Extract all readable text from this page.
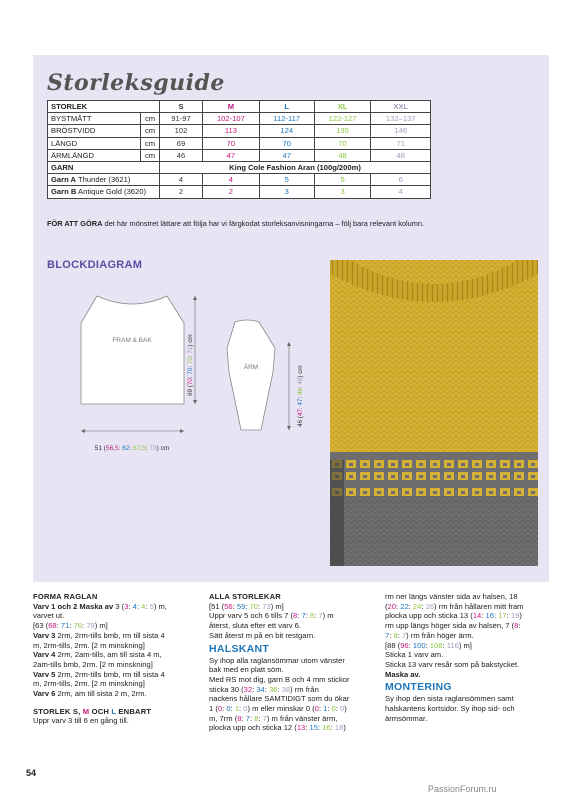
Storleksguide
STORLEK		S	M	L	XL	XXL
BYSTMÅTT	cm	91-97	102-107	112-117	122-127	132–137
BRÖSTVIDD	cm	102	113	124	135	146
LÄNGD	cm	69	70	70	70	71
ÄRMLÄNGD	cm	46	47	47	48	48
GARN		King Cole Fashion Aran (100g/200m)				
Garn A Thunder (3621)		4	4	5	5	6
Garn B Antique Gold (3620)		2	2	3	3	4
FÖR ATT GÖRA det här mönstret lättare att följa har vi färgkodat storleksanvisningarna – följ bara relevant kolumn.
BLOCKDIAGRAM
FRAM & BAK
51 (56,5: 62: 67,5: 73) cm
69 (70: 70: 70: 71) cm
ÄRM
46 (47: 47: 48: 48) cm

FORMA RAGLAN

Varv 1 och 2 Maska av 3 (3: 4: 4: 5) m,

varvet ut.

[63 (68: 71: 76: 79) m]

Varv 3 2rm, 2rm-tills bmb, rm till sista 4

m, 2rm-tills, 2rm. [2 m minskning]

Varv 4 2rm, 2am-tills, am till sista 4 m,

2am-tills bmb, 2rm. [2 m minskning]

Varv 5 2rm, 2rm-tills bmb, rm till sista 4

m, 2rm-tills, 2rm. [2 m minskning]

Varv 6 2rm, am till sista 2 m, 2rm.

STORLEK S, M OCH L ENBART

Uppr varv 3 till 6 en gång till.

ALLA STORLEKAR

[51 (56: 59: 70: 73) m]

Uppr varv 5 och 6 tills 7 (8: 7: 8: 7) m

återst, sluta efter ett varv 6.

Sätt återst m på en bit restgarn.

HALSKANT

Sy ihop alla raglansömmar utom vänster

bak med en platt söm.

Med RS mot dig, garn B och 4 mm stickor

sticka 30 (32: 34: 36: 38) rm från

nackens hållare SAMTIDIGT som du ökar

1 (0: 0: 1: 0) m eller minskar 0 (0: 1: 0: 0)

m, 7rm (8: 7: 8: 7) m från vänster ärm,

plocka upp och sticka 12 (13: 15: 16: 18)

rm ner längs vänster sida av halsen, 18

(20: 22: 24: 26) rm från hållaren mitt fram

plocka upp och sticka 13 (14: 16: 17: 19)

rm upp längs höger sida av halsen, 7 (8:

7: 8: 7) rm från höger ärm.

[88 (96: 100: 108: 116) m]

Sticka 1 varv am.

Sticka 13 varv resår som på bakstycket.

Maska av.

MONTERING

Sy ihop den sista raglansömmen samt

halskantens kortsidor. Sy ihop sid- och

ärmsömmar.

54
PassionForum.ru
